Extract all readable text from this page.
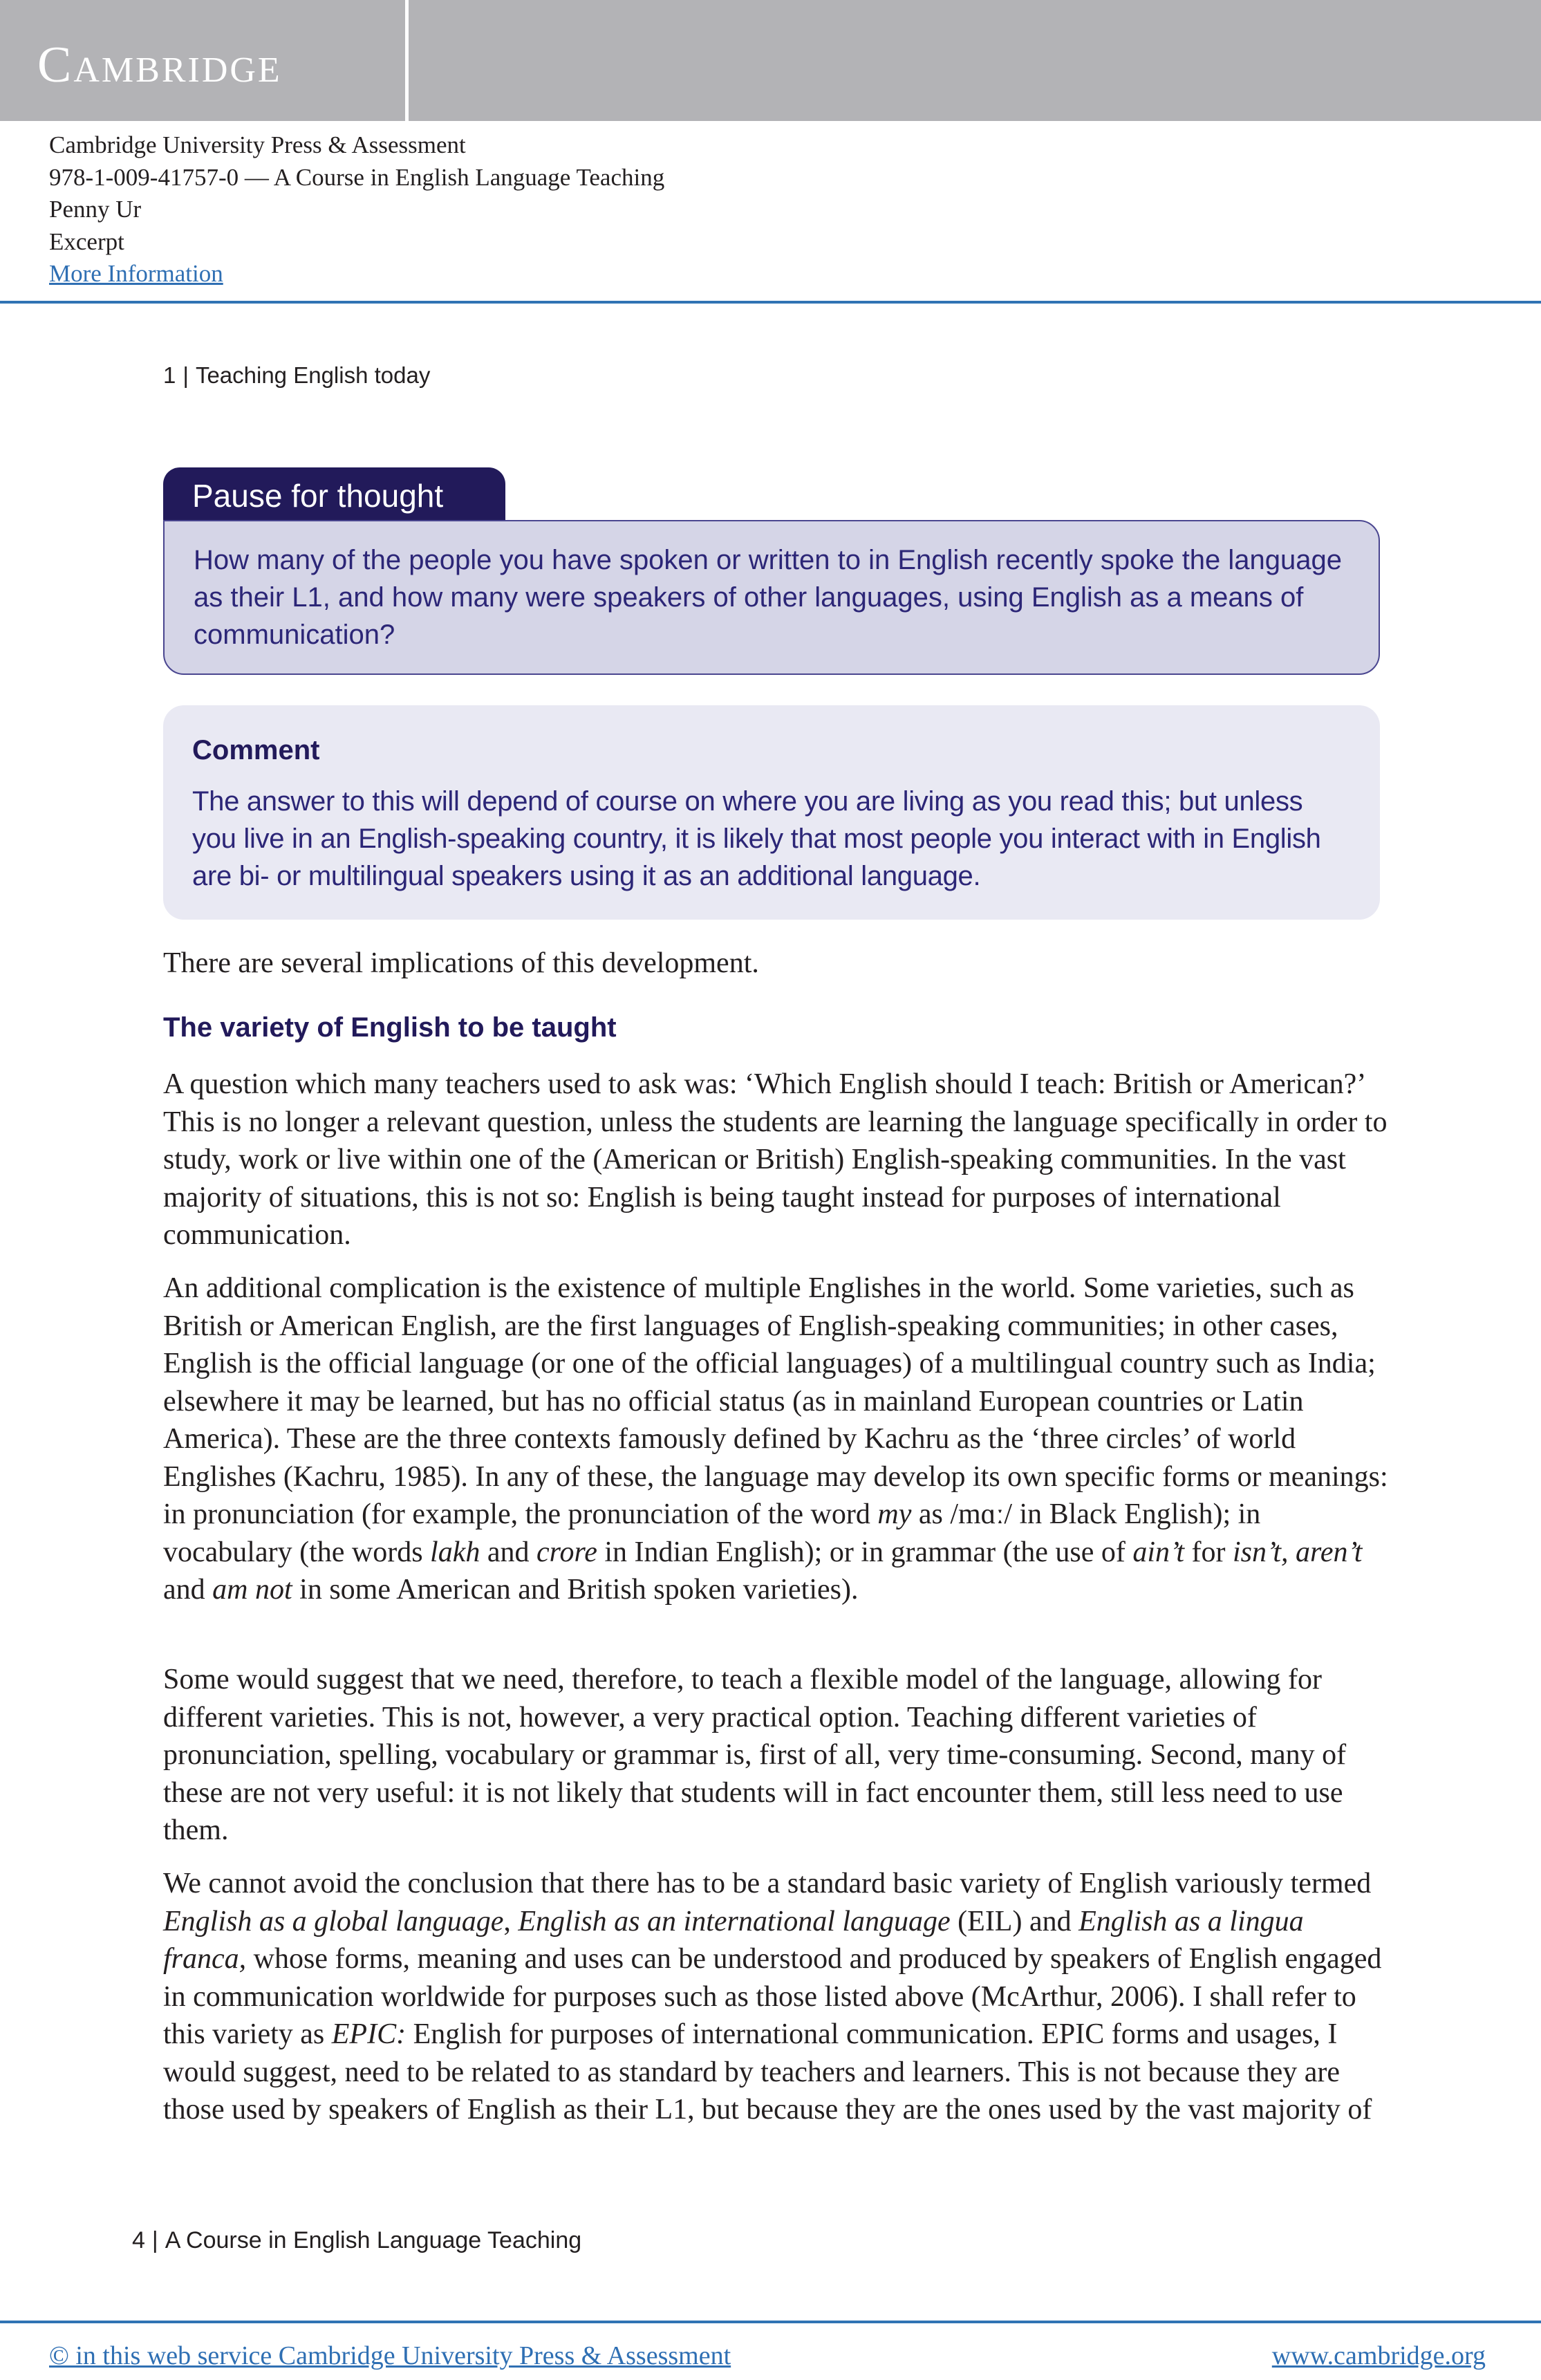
Cambridge
Cambridge University Press & Assessment
978-1-009-41757-0 — A Course in English Language Teaching
Penny Ur
Excerpt
More Information
1 | Teaching English today
Pause for thought
How many of the people you have spoken or written to in English recently spoke the language as their L1, and how many were speakers of other languages, using English as a means of communication?
Comment
The answer to this will depend of course on where you are living as you read this; but unless you live in an English-speaking country, it is likely that most people you interact with in English are bi- or multilingual speakers using it as an additional language.

There are several implications of this development.

The variety of English to be taught

A question which many teachers used to ask was: ‘Which English should I teach: British or American?’ This is no longer a relevant question, unless the students are learning the language specifically in order to study, work or live within one of the (American or British) English-speaking communities. In the vast majority of situations, this is not so: English is being taught instead for purposes of international communication.

An additional complication is the existence of multiple Englishes in the world. Some varieties, such as British or American English, are the first languages of English-speaking communities; in other cases, English is the official language (or one of the official languages) of a multilingual country such as India; elsewhere it may be learned, but has no official status (as in mainland European countries or Latin America). These are the three contexts famously defined by Kachru as the ‘three circles’ of world Englishes (Kachru, 1985). In any of these, the language may develop its own specific forms or meanings: in pronunciation (for example, the pronunciation of the word my as /mɑː/ in Black English); in vocabulary (the words lakh and crore in Indian English); or in grammar (the use of ain’t for isn’t, aren’t and am not in some American and British spoken varieties).

Some would suggest that we need, therefore, to teach a flexible model of the language, allowing for different varieties. This is not, however, a very practical option. Teaching different varieties of pronunciation, spelling, vocabulary or grammar is, first of all, very time-consuming. Second, many of these are not very useful: it is not likely that students will in fact encounter them, still less need to use them.

We cannot avoid the conclusion that there has to be a standard basic variety of English variously termed English as a global language, English as an international language (EIL) and English as a lingua franca, whose forms, meaning and uses can be understood and produced by speakers of English engaged in communication worldwide for purposes such as those listed above (McArthur, 2006). I shall refer to this variety as EPIC: English for purposes of international communication. EPIC forms and usages, I would suggest, need to be related to as standard by teachers and learners. This is not because they are those used by speakers of English as their L1, but because they are the ones used by the vast majority of

4 | A Course in English Language Teaching
© in this web service Cambridge University Press & Assessment	www.cambridge.org
